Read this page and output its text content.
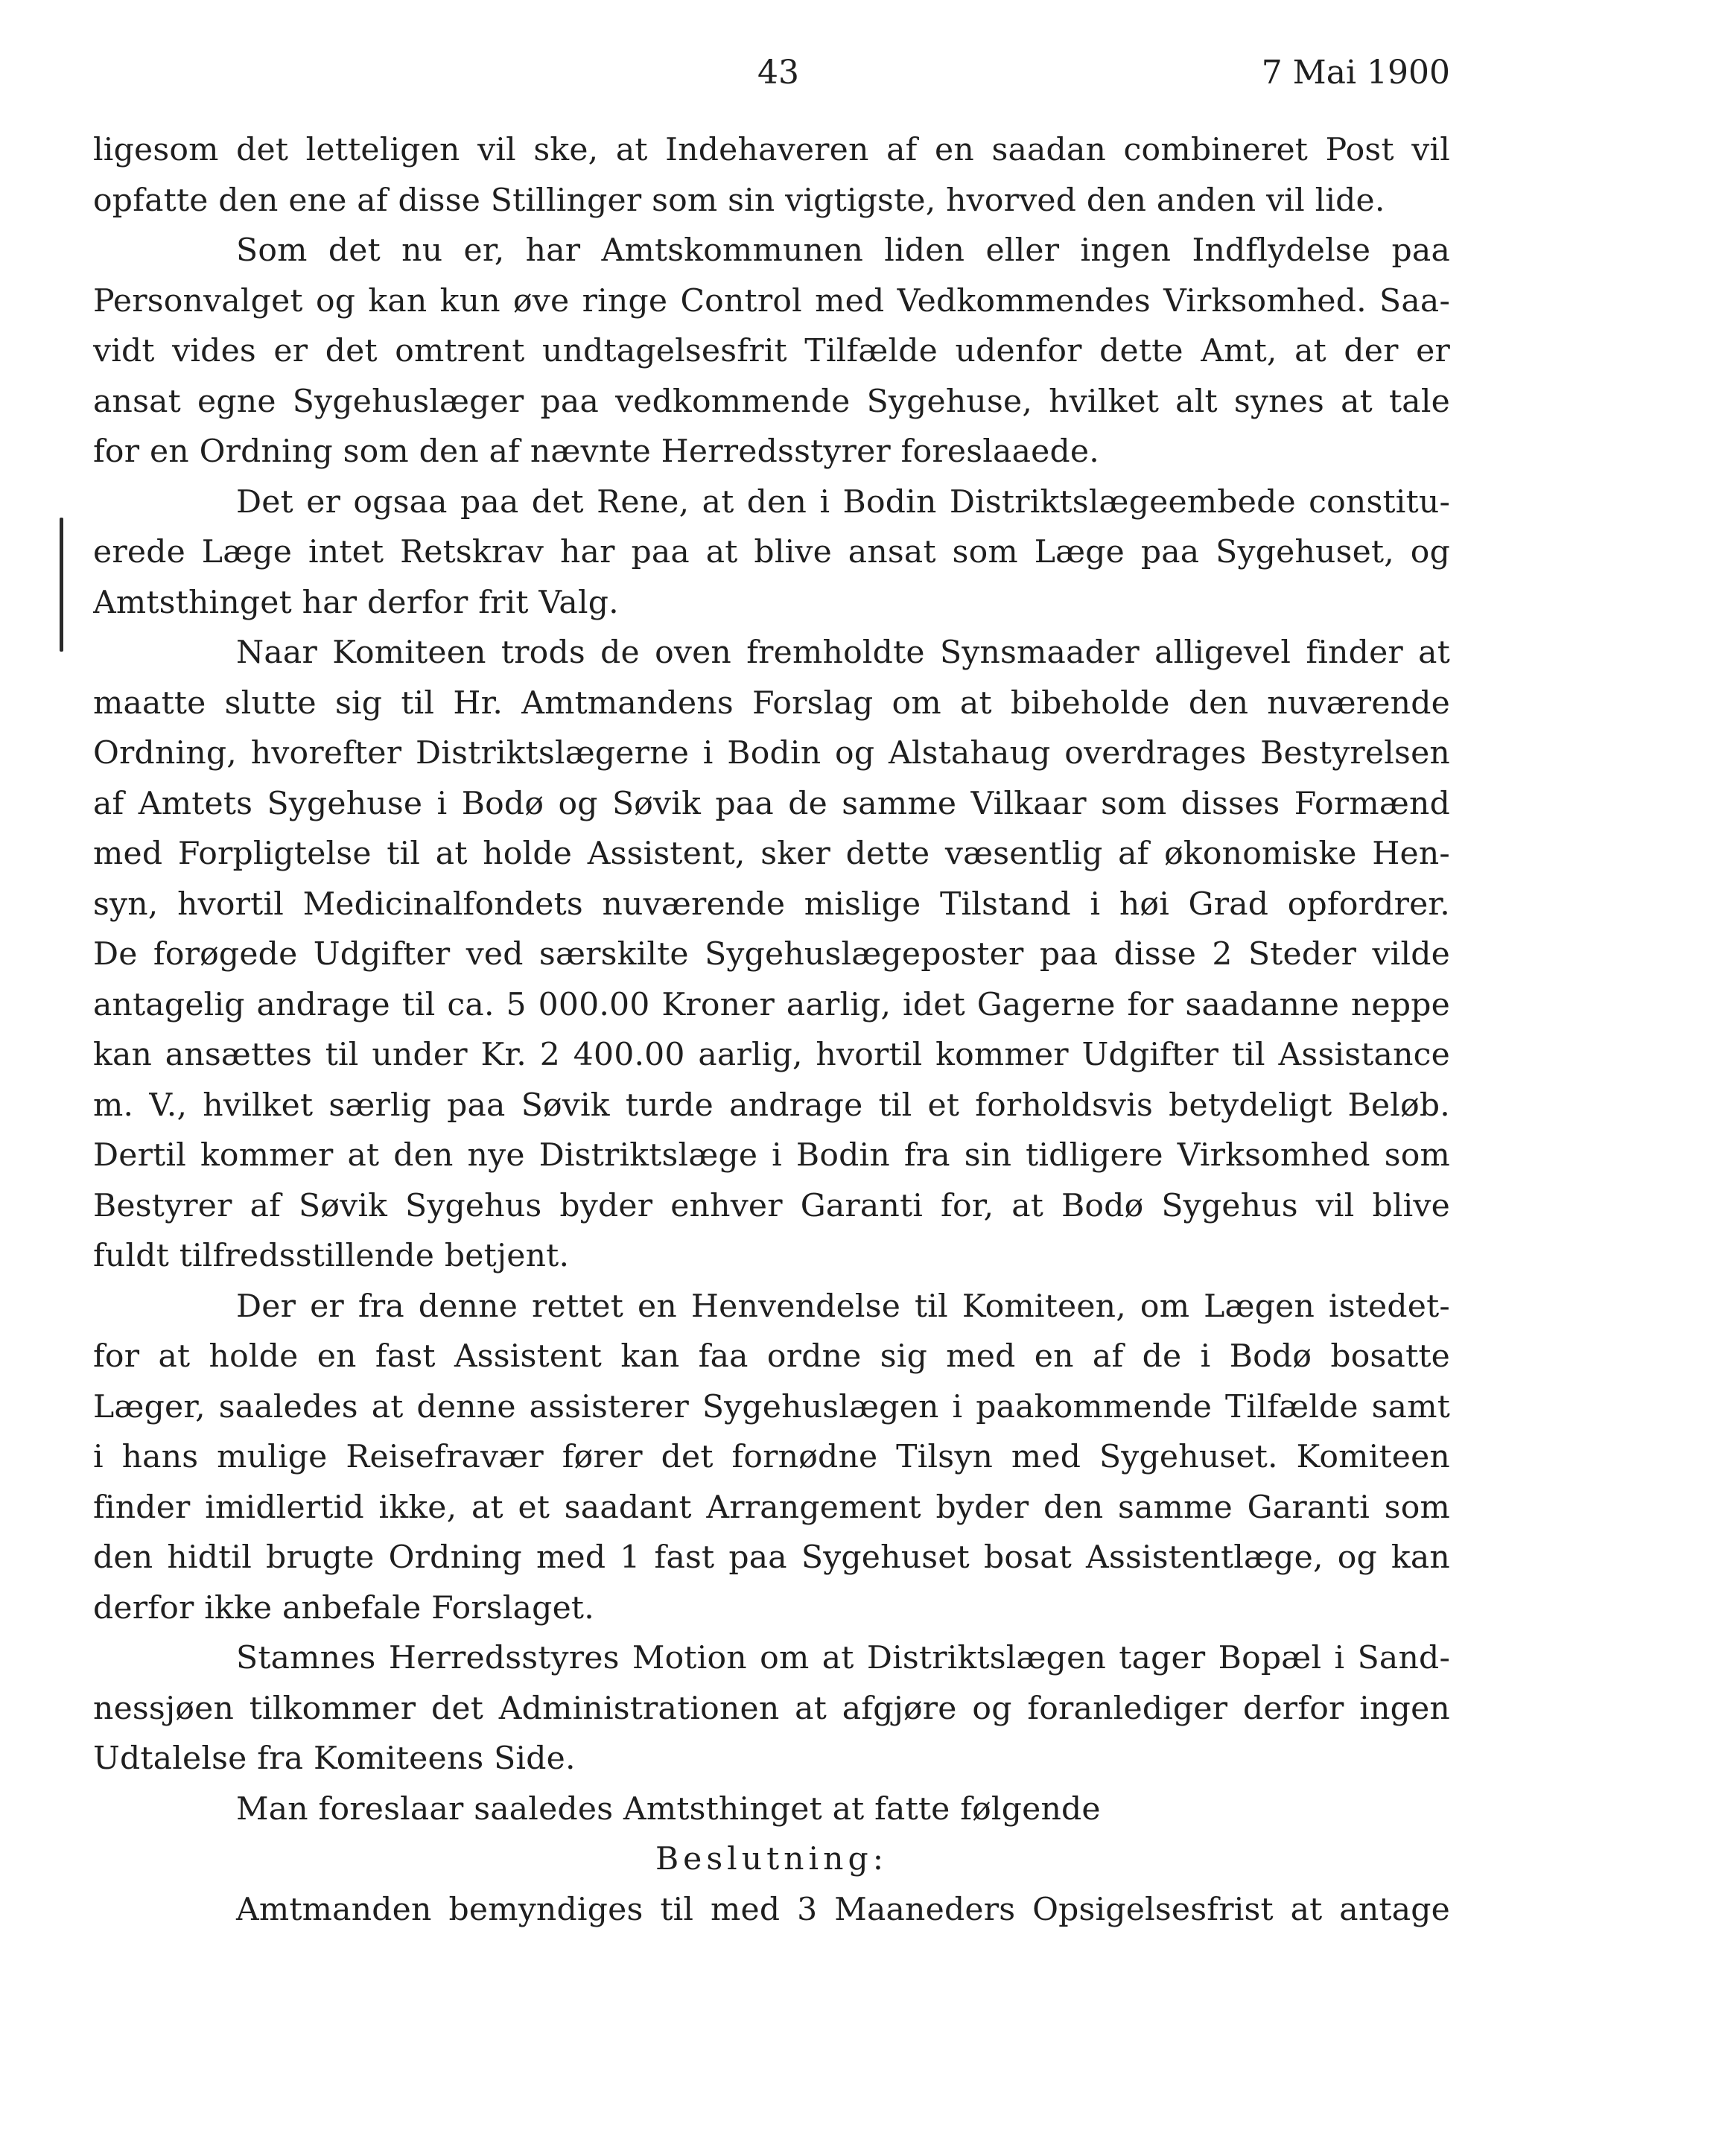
43	7 Mai 1900
ligesom det letteligen vil ske, at Indehaveren af en saadan combineret Post vil
opfatte den ene af disse Stillinger som sin vigtigste, hvorved den anden vil lide.
Som det nu er, har Amtskommunen liden eller ingen Indflydelse paa
Personvalget og kan kun øve ringe Control med Vedkommendes Virksomhed. Saa-
vidt vides er det omtrent undtagelsesfrit Tilfælde udenfor dette Amt, at der er
ansat egne Sygehuslæger paa vedkommende Sygehuse, hvilket alt synes at tale
for en Ordning som den af nævnte Herredsstyrer foreslaaede.
Det er ogsaa paa det Rene, at den i Bodin Distriktslægeembede constitu-
erede Læge intet Retskrav har paa at blive ansat som Læge paa Sygehuset, og
Amtsthinget har derfor frit Valg.
Naar Komiteen trods de oven fremholdte Synsmaader alligevel finder at
maatte slutte sig til Hr. Amtmandens Forslag om at bibeholde den nuværende
Ordning, hvorefter Distriktslægerne i Bodin og Alstahaug overdrages Bestyrelsen
af Amtets Sygehuse i Bodø og Søvik paa de samme Vilkaar som disses Formænd
med Forpligtelse til at holde Assistent, sker dette væsentlig af økonomiske Hen-
syn, hvortil Medicinalfondets nuværende mislige Tilstand i høi Grad opfordrer.
De forøgede Udgifter ved særskilte Sygehuslægeposter paa disse 2 Steder vilde
antagelig andrage til ca. 5 000.00 Kroner aarlig, idet Gagerne for saadanne neppe
kan ansættes til under Kr. 2 400.00 aarlig, hvortil kommer Udgifter til Assistance
m. V., hvilket særlig paa Søvik turde andrage til et forholdsvis betydeligt Beløb.
Dertil kommer at den nye Distriktslæge i Bodin fra sin tidligere Virksomhed som
Bestyrer af Søvik Sygehus byder enhver Garanti for, at Bodø Sygehus vil blive
fuldt tilfredsstillende betjent.
Der er fra denne rettet en Henvendelse til Komiteen, om Lægen istedet-
for at holde en fast Assistent kan faa ordne sig med en af de i Bodø bosatte
Læger, saaledes at denne assisterer Sygehuslægen i paakommende Tilfælde samt
i hans mulige Reisefravær fører det fornødne Tilsyn med Sygehuset. Komiteen
finder imidlertid ikke, at et saadant Arrangement byder den samme Garanti som
den hidtil brugte Ordning med 1 fast paa Sygehuset bosat Assistentlæge, og kan
derfor ikke anbefale Forslaget.
Stamnes Herredsstyres Motion om at Distriktslægen tager Bopæl i Sand-
nessjøen tilkommer det Administrationen at afgjøre og foranlediger derfor ingen
Udtalelse fra Komiteens Side.
Man foreslaar saaledes Amtsthinget at fatte følgende
Beslutning:
Amtmanden bemyndiges til med 3 Maaneders Opsigelsesfrist at antage
